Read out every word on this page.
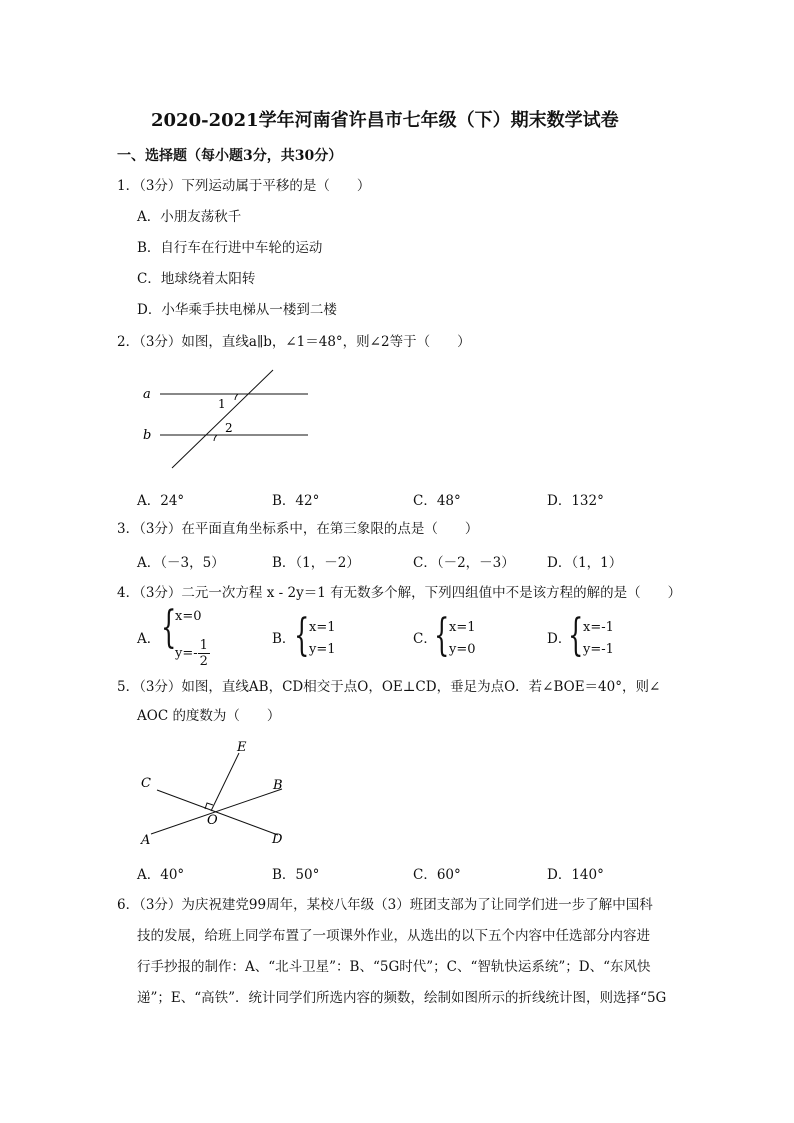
2020-2021学年河南省许昌市七年级（下）期末数学试卷
一、选择题（每小题3分，共30分）
1．（3分）下列运动属于平移的是（　　）
A．小朋友荡秋千
B．自行车在行进中车轮的运动
C．地球绕着太阳转
D．小华乘手扶电梯从一楼到二楼
2．（3分）如图，直线a∥b，∠1＝48°，则∠2等于（　　）
a
b
1
2
A．24°	B．42°	C．48°	D．132°
3．（3分）在平面直角坐标系中，在第三象限的点是（　　）
A．（－3，5）	B．（1，－2）	C．（－2，－3） D．（1，1）
4．（3分）二元一次方程 x - 2y＝1 有无数多个解，下列四组值中不是该方程的解的是（　　）
A． {
x=0
$y=- \frac{1}{2}$	B．
{ x=1
y=1
C．
{ x=1
y=0
D．
{ x=-1
y=-1
5．（3分）如图，直线AB，CD相交于点O，OE⊥CD，垂足为点O．若∠BOE＝40°，则∠
AOC 的度数为（　　）
E
C	B
A
O
D
A．40°	B．50°	C．60°	D．140°
6．（3分）为庆祝建党99周年，某校八年级（3）班团支部为了让同学们进一步了解中国科
技的发展，给班上同学布置了一项课外作业，从选出的以下五个内容中任选部分内容进
行手抄报的制作：A、“北斗卫星”：B、“5G时代”；C、“智轨快运系统”；D、“东风快
递”；E、“高铁”．统计同学们所选内容的频数，绘制如图所示的折线统计图，则选择“5G
